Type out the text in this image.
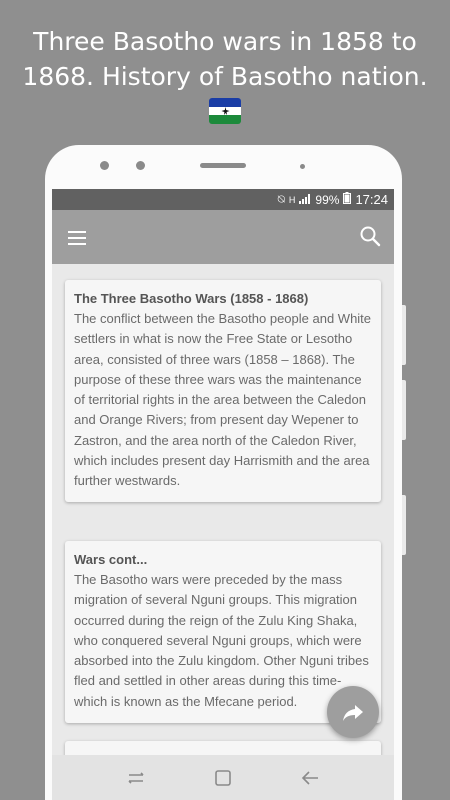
Three Basotho wars in 1858 to 1868. History of Basotho nation.
⍉ H 99% 17:24
The Three Basotho Wars (1858 - 1868)

The conflict between the Basotho people and White settlers in what is now the Free State or Lesotho area, consisted of three wars (1858 – 1868). The purpose of these three wars was the maintenance of territorial rights in the area between the Caledon and Orange Rivers; from present day Wepener to Zastron, and the area north of the Caledon River, which includes present day Harrismith and the area further westwards.

Wars cont...

The Basotho wars were preceded by the mass migration of several Nguni groups. This migration occurred during the reign of the Zulu King Shaka, who conquered several Nguni groups, which were absorbed into the Zulu kingdom. Other Nguni tribes fled and settled in other areas during this time- which is known as the Mfecane period.
